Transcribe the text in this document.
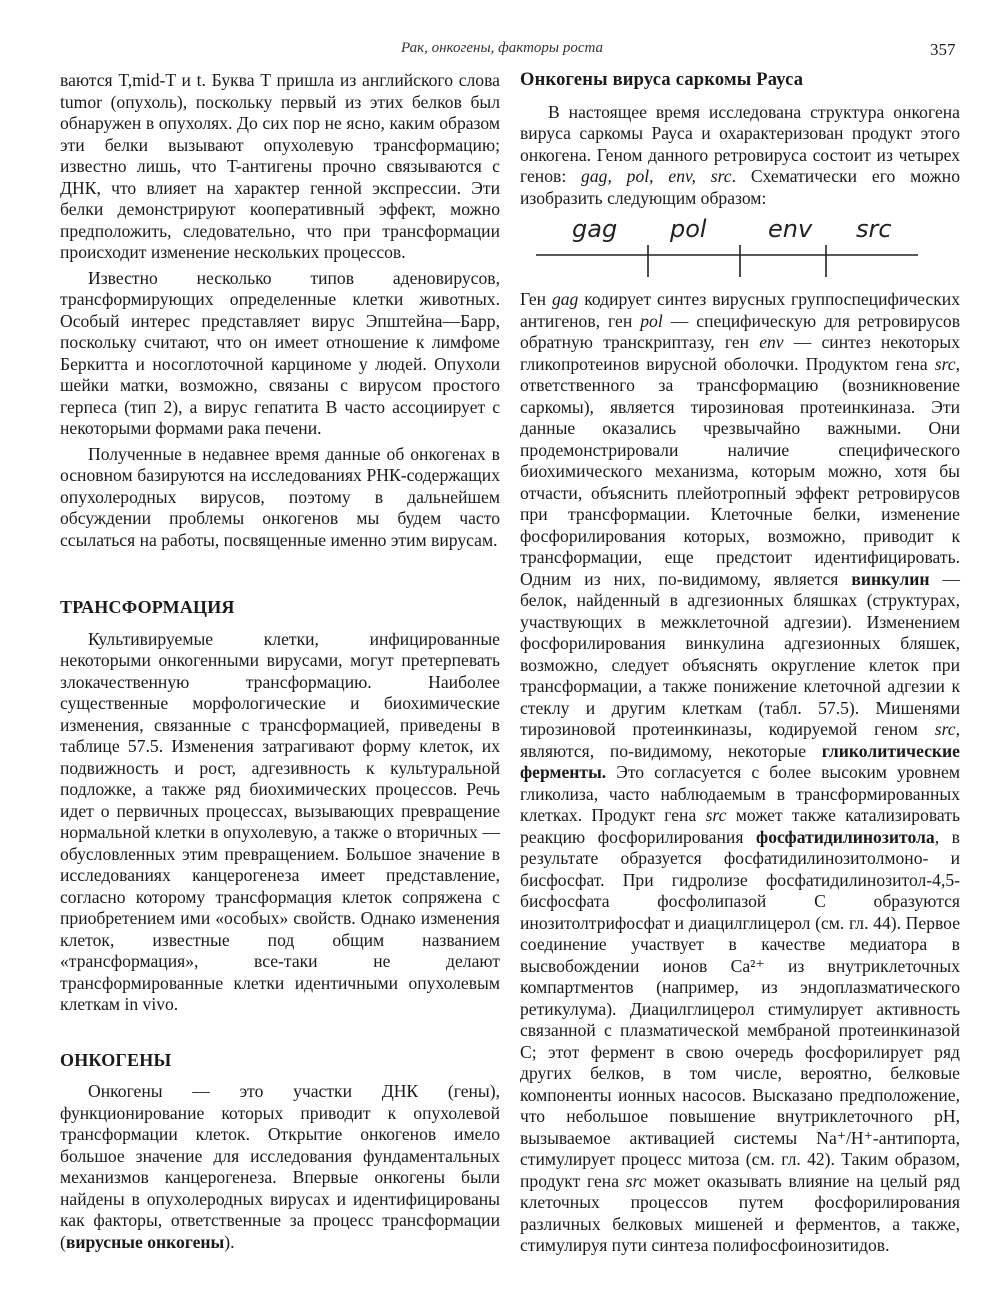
Рак, онкогены, факторы роста	357

ваются T,mid-T и t. Буква T пришла из английского слова tumor (опухоль), поскольку первый из этих белков был обнаружен в опухолях. До сих пор не ясно, каким образом эти белки вызывают опухолевую трансформацию; известно лишь, что T-антигены прочно связываются с ДНК, что влияет на характер генной экспрессии. Эти белки демонстрируют кооперативный эффект, можно предположить, следовательно, что при трансформации происходит изменение нескольких процессов.

Известно несколько типов аденовирусов, трансформирующих определенные клетки животных. Особый интерес представляет вирус Эпштейна—Барр, поскольку считают, что он имеет отношение к лимфоме Беркитта и носоглоточной карциноме у людей. Опухоли шейки матки, возможно, связаны с вирусом простого герпеса (тип 2), а вирус гепатита B часто ассоциирует с некоторыми формами рака печени.

Полученные в недавнее время данные об онкогенах в основном базируются на исследованиях РНК-содержащих опухолеродных вирусов, поэтому в дальнейшем обсуждении проблемы онкогенов мы будем часто ссылаться на работы, посвященные именно этим вирусам.

ТРАНСФОРМАЦИЯ

Культивируемые клетки, инфицированные некоторыми онкогенными вирусами, могут претерпевать злокачественную трансформацию. Наиболее существенные морфологические и биохимические изменения, связанные с трансформацией, приведены в таблице 57.5. Изменения затрагивают форму клеток, их подвижность и рост, адгезивность к культуральной подложке, а также ряд биохимических процессов. Речь идет о первичных процессах, вызывающих превращение нормальной клетки в опухолевую, а также о вторичных — обусловленных этим превращением. Большое значение в исследованиях канцерогенеза имеет представление, согласно которому трансформация клеток сопряжена с приобретением ими «особых» свойств. Однако изменения клеток, известные под общим названием «трансформация», все-таки не делают трансформированные клетки идентичными опухолевым клеткам in vivo.

ОНКОГЕНЫ

Онкогены — это участки ДНК (гены), функционирование которых приводит к опухолевой трансформации клеток. Открытие онкогенов имело большое значение для исследования фундаментальных механизмов канцерогенеза. Впервые онкогены были найдены в опухолеродных вирусах и идентифицированы как факторы, ответственные за процесс трансформации (вирусные онкогены).

Онкогены вируса саркомы Рауса

В настоящее время исследована структура онкогена вируса саркомы Рауса и охарактеризован продукт этого онкогена. Геном данного ретровируса состоит из четырех генов: gag, pol, env, src. Схематически его можно изобразить следующим образом:

gag pol	env src

Ген gag кодирует синтез вирусных группоспецифических антигенов, ген pol — специфическую для ретровирусов обратную транскриптазу, ген env — синтез некоторых гликопротеинов вирусной оболочки. Продуктом гена src, ответственного за трансформацию (возникновение саркомы), является тирозиновая протеинкиназа. Эти данные оказались чрезвычайно важными. Они продемонстрировали наличие специфического биохимического механизма, которым можно, хотя бы отчасти, объяснить плейотропный эффект ретровирусов при трансформации. Клеточные белки, изменение фосфорилирования которых, возможно, приводит к трансформации, еще предстоит идентифицировать. Одним из них, по-видимому, является винкулин — белок, найденный в адгезионных бляшках (структурах, участвующих в межклеточной адгезии). Изменением фосфорилирования винкулина адгезионных бляшек, возможно, следует объяснять округление клеток при трансформации, а также понижение клеточной адгезии к стеклу и другим клеткам (табл. 57.5). Мишенями тирозиновой протеинкиназы, кодируемой геном src, являются, по-видимому, некоторые гликолитические ферменты. Это согласуется с более высоким уровнем гликолиза, часто наблюдаемым в трансформированных клетках. Продукт гена src может также катализировать реакцию фосфорилирования фосфатидилинозитола, в результате образуется фосфатидилинозитолмоно- и бисфосфат. При гидролизе фосфатидилинозитол-4,5-бисфосфата фосфолипазой C образуются инозитолтрифосфат и диацилглицерол (см. гл. 44). Первое соединение участвует в качестве медиатора в высвобождении ионов Ca²⁺ из внутриклеточных компартментов (например, из эндоплазматического ретикулума). Диацилглицерол стимулирует активность связанной с плазматической мембраной протеинкиназой C; этот фермент в свою очередь фосфорилирует ряд других белков, в том числе, вероятно, белковые компоненты ионных насосов. Высказано предположение, что небольшое повышение внутриклеточного pH, вызываемое активацией системы Na⁺/H⁺-антипорта, стимулирует процесс митоза (см. гл. 42). Таким образом, продукт гена src может оказывать влияние на целый ряд клеточных процессов путем фосфорилирования различных белковых мишеней и ферментов, а также, стимулируя пути синтеза полифосфоинозитидов.
